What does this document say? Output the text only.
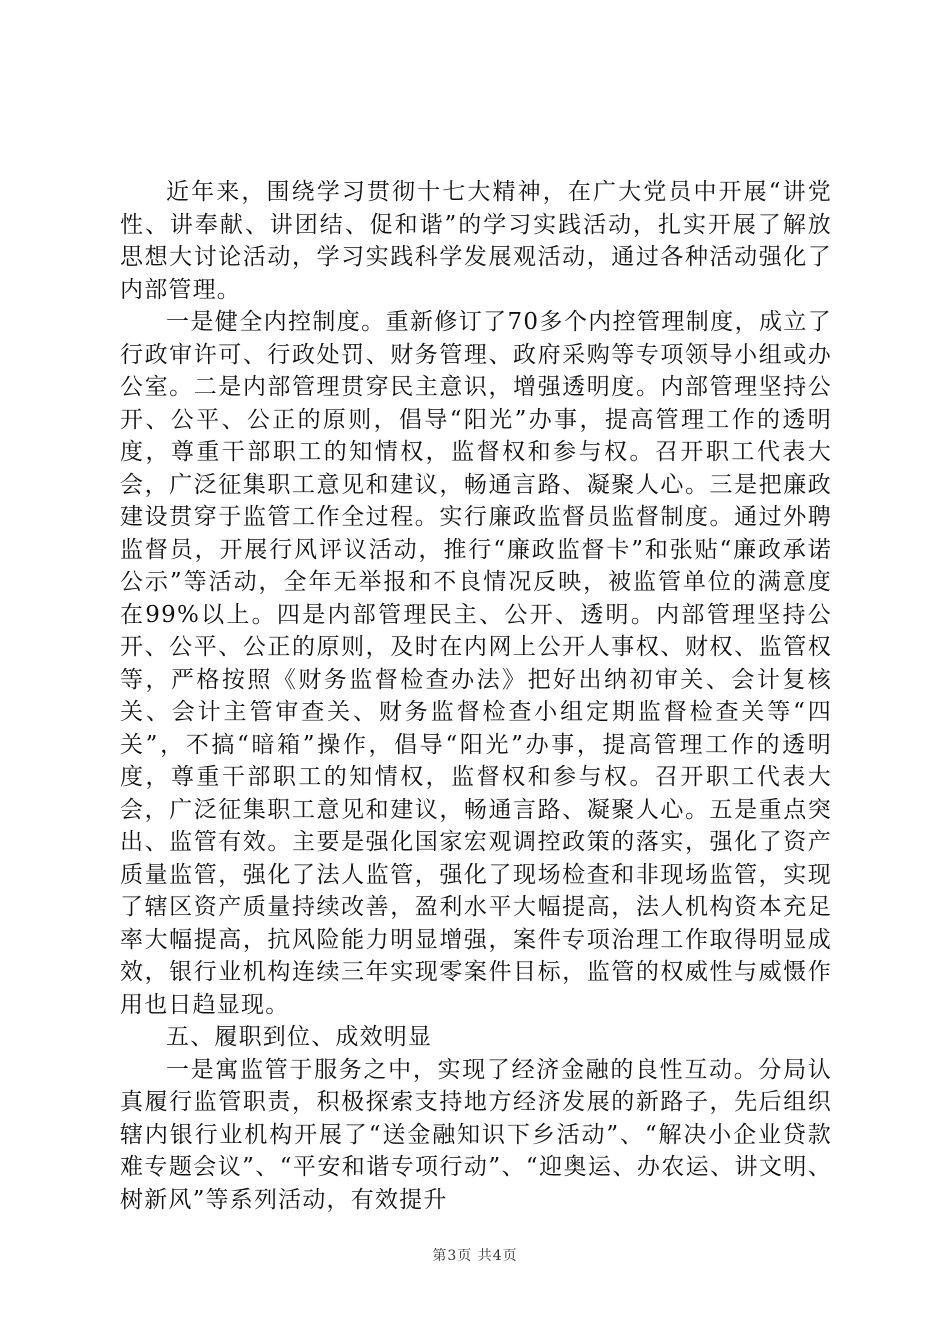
近年来，围绕学习贯彻十七大精神，在广大党员中开展“讲党性、讲奉献、讲团结、促和谐”的学习实践活动，扎实开展了解放思想大讨论活动，学习实践科学发展观活动，通过各种活动强化了内部管理。

一是健全内控制度。重新修订了70多个内控管理制度，成立了行政审许可、行政处罚、财务管理、政府采购等专项领导小组或办公室。二是内部管理贯穿民主意识，增强透明度。内部管理坚持公开、公平、公正的原则，倡导“阳光”办事，提高管理工作的透明度，尊重干部职工的知情权，监督权和参与权。召开职工代表大会，广泛征集职工意见和建议，畅通言路、凝聚人心。三是把廉政建设贯穿于监管工作全过程。实行廉政监督员监督制度。通过外聘监督员，开展行风评议活动，推行“廉政监督卡”和张贴“廉政承诺公示”等活动，全年无举报和不良情况反映，被监管单位的满意度在99%以上。四是内部管理民主、公开、透明。内部管理坚持公开、公平、公正的原则，及时在内网上公开人事权、财权、监管权等，严格按照《财务监督检查办法》把好出纳初审关、会计复核关、会计主管审查关、财务监督检查小组定期监督检查关等“四关”，不搞“暗箱”操作，倡导“阳光”办事，提高管理工作的透明度，尊重干部职工的知情权，监督权和参与权。召开职工代表大会，广泛征集职工意见和建议，畅通言路、凝聚人心。五是重点突出、监管有效。主要是强化国家宏观调控政策的落实，强化了资产质量监管，强化了法人监管，强化了现场检查和非现场监管，实现了辖区资产质量持续改善，盈利水平大幅提高，法人机构资本充足率大幅提高，抗风险能力明显增强，案件专项治理工作取得明显成效，银行业机构连续三年实现零案件目标，监管的权威性与威慑作用也日趋显现。

五、履职到位、成效明显

一是寓监管于服务之中，实现了经济金融的良性互动。分局认真履行监管职责，积极探索支持地方经济发展的新路子，先后组织辖内银行业机构开展了“送金融知识下乡活动”、“解决小企业贷款难专题会议”、“平安和谐专项行动”、“迎奥运、办农运、讲文明、树新风”等系列活动，有效提升

第3页 共4页
